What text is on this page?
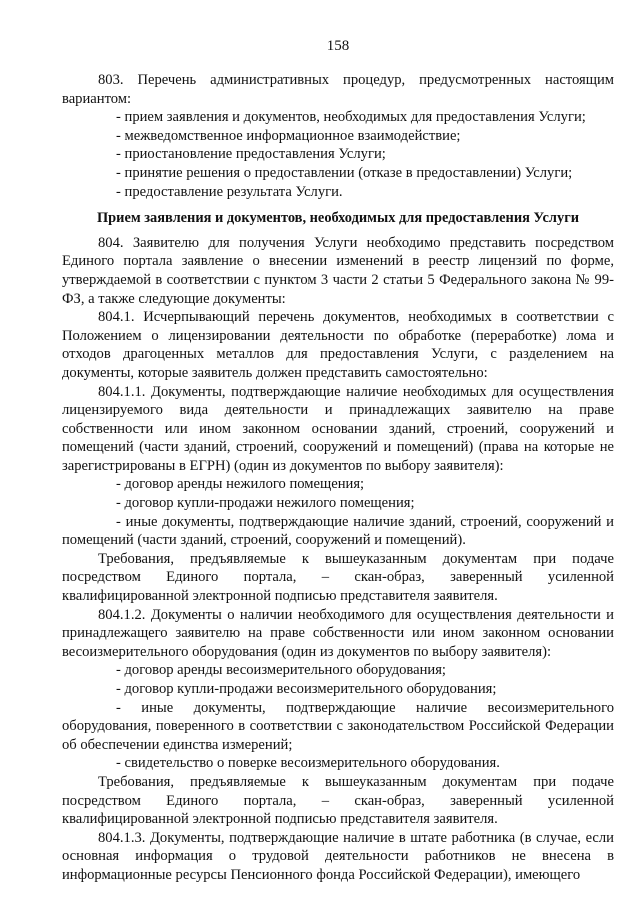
158

803. Перечень административных процедур, предусмотренных настоящим вариантом:

- прием заявления и документов, необходимых для предоставления Услуги;

- межведомственное информационное взаимодействие;

- приостановление предоставления Услуги;

- принятие решения о предоставлении (отказе в предоставлении) Услуги;

- предоставление результата Услуги.

Прием заявления и документов, необходимых для предоставления Услуги

804. Заявителю для получения Услуги необходимо представить посредством Единого портала заявление о внесении изменений в реестр лицензий по форме, утверждаемой в соответствии с пунктом 3 части 2 статьи 5 Федерального закона № 99-ФЗ, а также следующие документы:

804.1. Исчерпывающий перечень документов, необходимых в соответствии с Положением о лицензировании деятельности по обработке (переработке) лома и отходов драгоценных металлов для предоставления Услуги, с разделением на документы, которые заявитель должен представить самостоятельно:

804.1.1. Документы, подтверждающие наличие необходимых для осуществления лицензируемого вида деятельности и принадлежащих заявителю на праве собственности или ином законном основании зданий, строений, сооружений и помещений (части зданий, строений, сооружений и помещений) (права на которые не зарегистрированы в ЕГРН) (один из документов по выбору заявителя):

- договор аренды нежилого помещения;

- договор купли-продажи нежилого помещения;

- иные документы, подтверждающие наличие зданий, строений, сооружений и помещений (части зданий, строений, сооружений и помещений).

Требования, предъявляемые к вышеуказанным документам при подаче посредством Единого портала, – скан-образ, заверенный усиленной квалифицированной электронной подписью представителя заявителя.

804.1.2. Документы о наличии необходимого для осуществления деятельности и принадлежащего заявителю на праве собственности или ином законном основании весоизмерительного оборудования (один из документов по выбору заявителя):

- договор аренды весоизмерительного оборудования;

- договор купли-продажи весоизмерительного оборудования;

- иные документы, подтверждающие наличие весоизмерительного оборудования, поверенного в соответствии с законодательством Российской Федерации об обеспечении единства измерений;

- свидетельство о поверке весоизмерительного оборудования.

Требования, предъявляемые к вышеуказанным документам при подаче посредством Единого портала, – скан-образ, заверенный усиленной квалифицированной электронной подписью представителя заявителя.

804.1.3. Документы, подтверждающие наличие в штате работника (в случае, если основная информация о трудовой деятельности работников не внесена в информационные ресурсы Пенсионного фонда Российской Федерации), имеющего
